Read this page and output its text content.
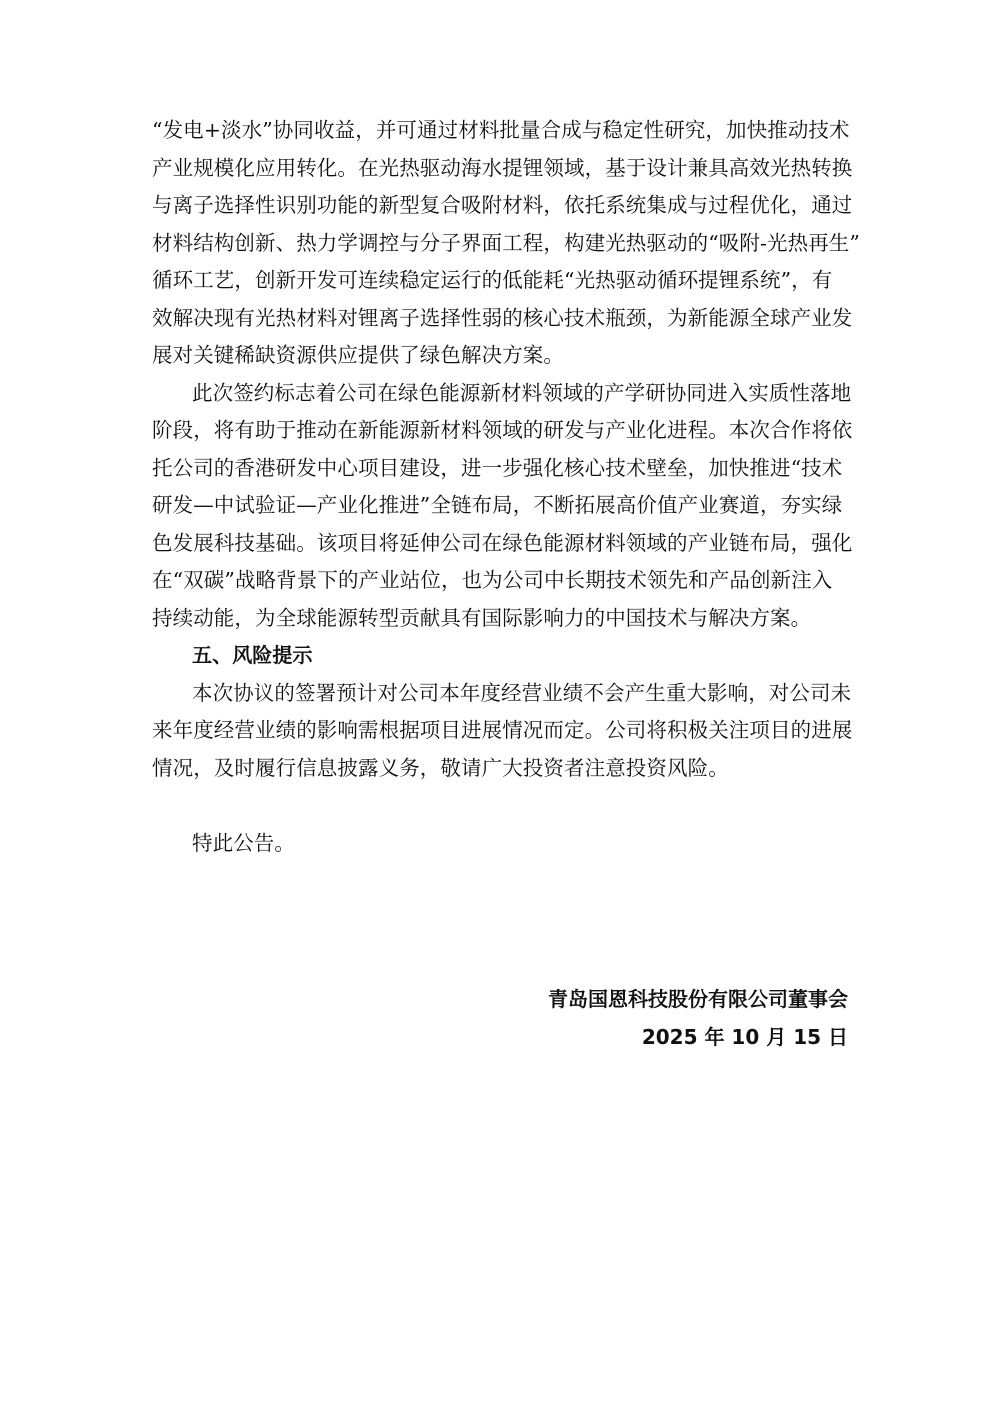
“发电+淡水”协同收益，并可通过材料批量合成与稳定性研究，加快推动技术
产业规模化应用转化。在光热驱动海水提锂领域，基于设计兼具高效光热转换
与离子选择性识别功能的新型复合吸附材料，依托系统集成与过程优化，通过
材料结构创新、热力学调控与分子界面工程，构建光热驱动的“吸附-光热再生”
循环工艺，创新开发可连续稳定运行的低能耗“光热驱动循环提锂系统”，有
效解决现有光热材料对锂离子选择性弱的核心技术瓶颈，为新能源全球产业发
展对关键稀缺资源供应提供了绿色解决方案。
此次签约标志着公司在绿色能源新材料领域的产学研协同进入实质性落地
阶段，将有助于推动在新能源新材料领域的研发与产业化进程。本次合作将依
托公司的香港研发中心项目建设，进一步强化核心技术壁垒，加快推进“技术
研发—中试验证—产业化推进”全链布局，不断拓展高价值产业赛道，夯实绿
色发展科技基础。该项目将延伸公司在绿色能源材料领域的产业链布局，强化
在“双碳”战略背景下的产业站位，也为公司中长期技术领先和产品创新注入
持续动能，为全球能源转型贡献具有国际影响力的中国技术与解决方案。
五、风险提示
本次协议的签署预计对公司本年度经营业绩不会产生重大影响，对公司未
来年度经营业绩的影响需根据项目进展情况而定。公司将积极关注项目的进展
情况，及时履行信息披露义务，敬请广大投资者注意投资风险。
特此公告。
青岛国恩科技股份有限公司董事会
2025 年 10 月 15 日
